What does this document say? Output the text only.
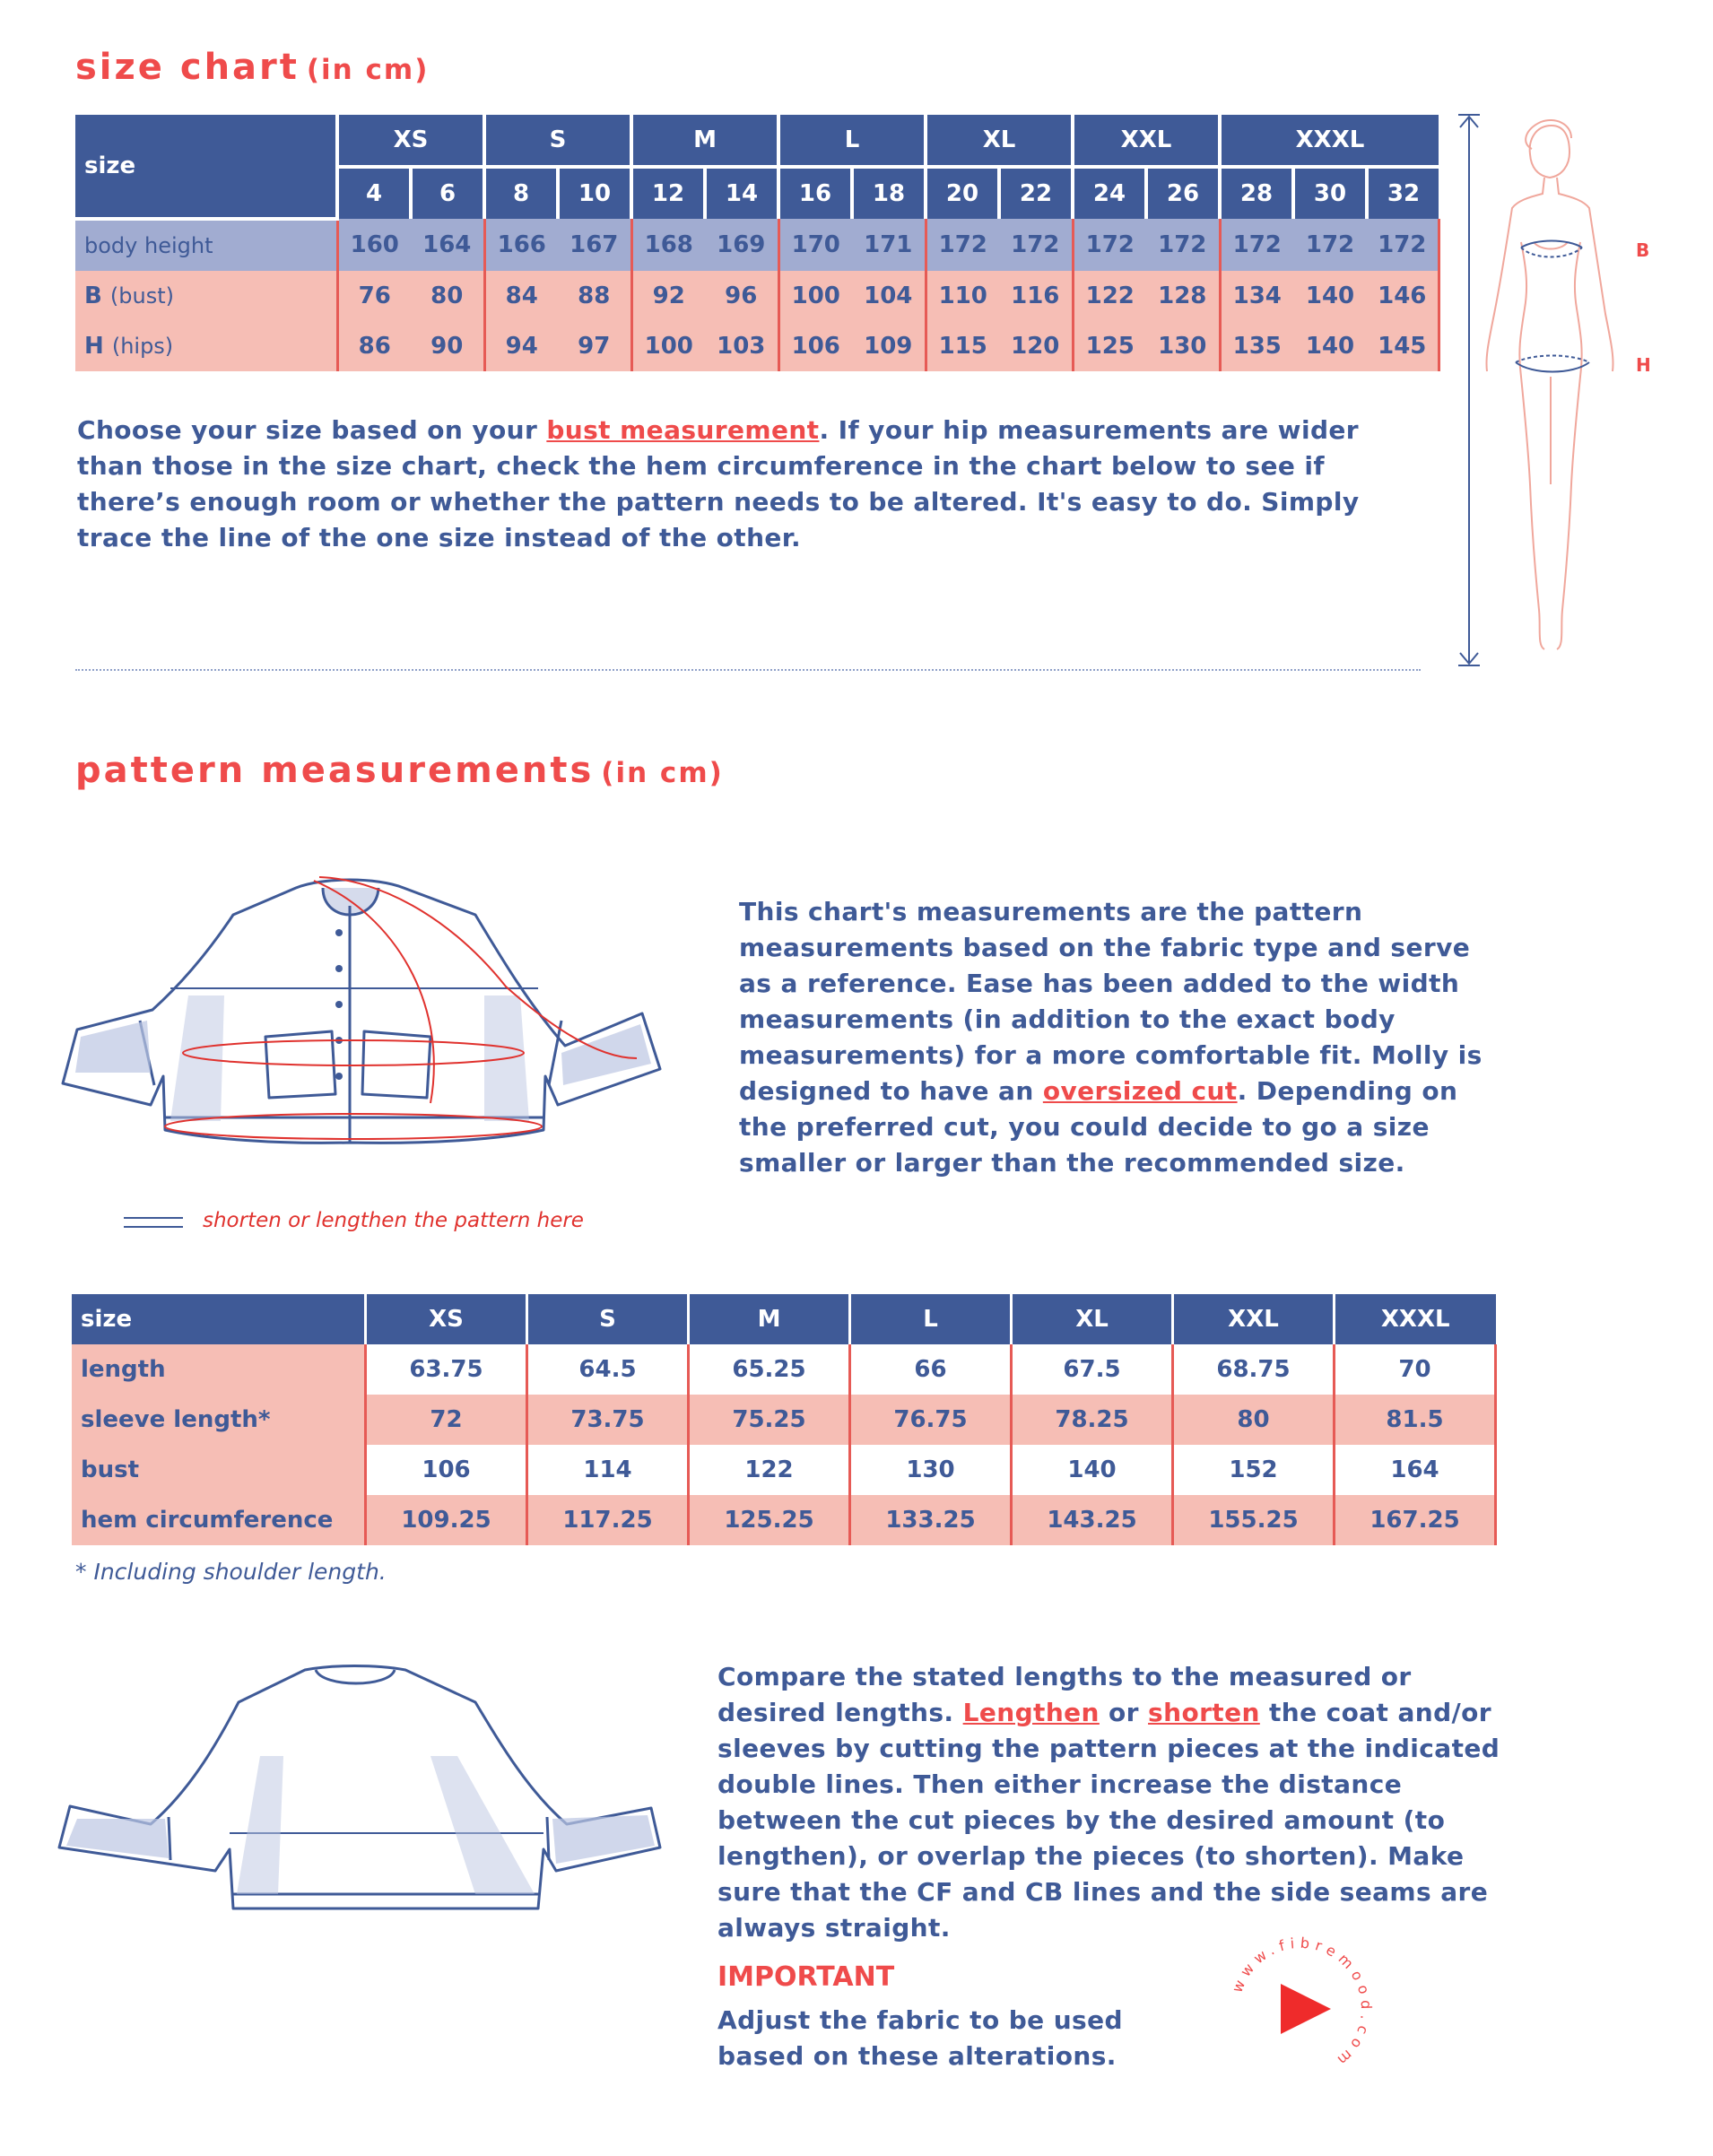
size chart (in cm)
size	XS		S		M		L		XL		XXL		XXXL		
	4	6	8	10	12	14	16	18	20	22	24	26	28	30	32
body height	160	164	166	167	168	169	170	171	172	172	172	172	172	172	172
B (bust)	76	80	84	88	92	96	100	104	110	116	122	128	134	140	146
H (hips)	86	90	94	97	100	103	106	109	115	120	125	130	135	140	145
Choose your size based on your bust measurement. If your hip measurements are wider than those in the size chart, check the hem circumference in the chart below to see if there’s enough room or whether the pattern needs to be altered. It's easy to do. Simply trace the line of the one size instead of the other.
B
H
pattern measurements (in cm)
This chart's measurements are the pattern measurements based on the fabric type and serve as a reference. Ease has been added to the width measurements (in addition to the exact body measurements) for a more comfortable fit. Molly is designed to have an oversized cut. Depending on the preferred cut, you could decide to go a size smaller or larger than the recommended size.
shorten or lengthen the pattern here
size	XS	S	M	L	XL	XXL	XXXL
length	63.75	64.5	65.25	66	67.5	68.75	70
sleeve length*	72	73.75	75.25	76.75	78.25	80	81.5
bust	106	114	122	130	140	152	164
hem circumference	109.25	117.25	125.25	133.25	143.25	155.25	167.25
* Including shoulder length.
Compare the stated lengths to the measured or desired lengths. Lengthen or shorten the coat and/or sleeves by cutting the pattern pieces at the indicated double lines. Then either increase the distance between the cut pieces by the desired amount (to lengthen), or overlap the pieces (to shorten). Make sure that the CF and CB lines and the side seams are always straight.
IMPORTANT
Adjust the fabric to be used based on these alterations.
www.fibremood.com
